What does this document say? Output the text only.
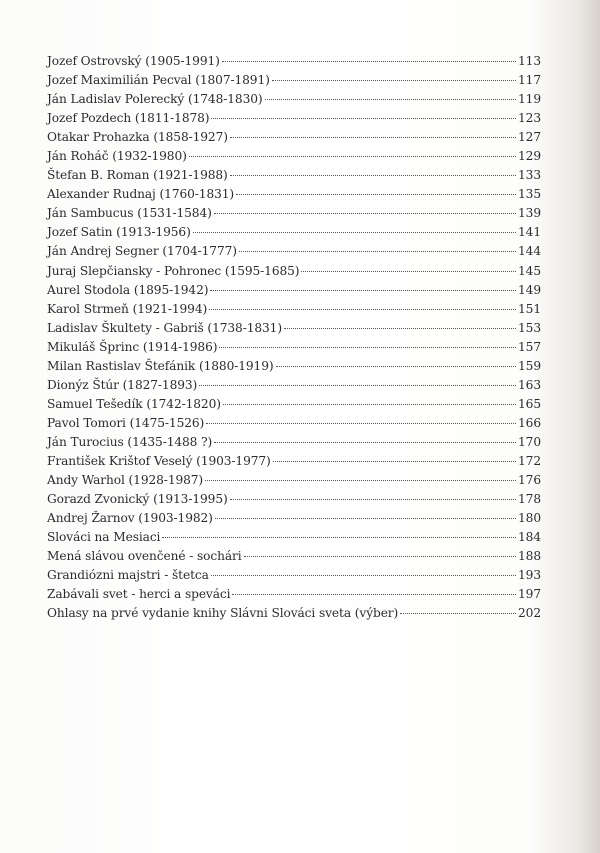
Jozef Ostrovský (1905-1991)	113
Jozef Maximilián Pecval (1807-1891)	117
Ján Ladislav Polerecký (1748-1830)	119
Jozef Pozdech (1811-1878)	123
Otakar Prohazka (1858-1927)	127
Ján Roháč (1932-1980)	129
Štefan B. Roman (1921-1988)	133
Alexander Rudnaj (1760-1831)	135
Ján Sambucus (1531-1584)	139
Jozef Satin (1913-1956)	141
Ján Andrej Segner (1704-1777)	144
Juraj Slepčiansky - Pohronec (1595-1685)	145
Aurel Stodola (1895-1942)	149
Karol Strmeň (1921-1994)	151
Ladislav Škultety - Gabriš (1738-1831)	153
Mikuláš Šprinc (1914-1986)	157
Milan Rastislav Štefánik (1880-1919)	159
Dionýz Štúr (1827-1893)	163
Samuel Tešedík (1742-1820)	165
Pavol Tomori (1475-1526)	166
Ján Turocius (1435-1488 ?)	170
František Krištof Veselý (1903-1977)	172
Andy Warhol (1928-1987)	176
Gorazd Zvonický (1913-1995)	178
Andrej Žarnov (1903-1982)	180
Slováci na Mesiaci	184
Mená slávou ovenčené - sochári	188
Grandiózni majstri - štetca	193
Zabávali svet - herci a speváci	197
Ohlasy na prvé vydanie knihy Slávni Slováci sveta (výber)	202
